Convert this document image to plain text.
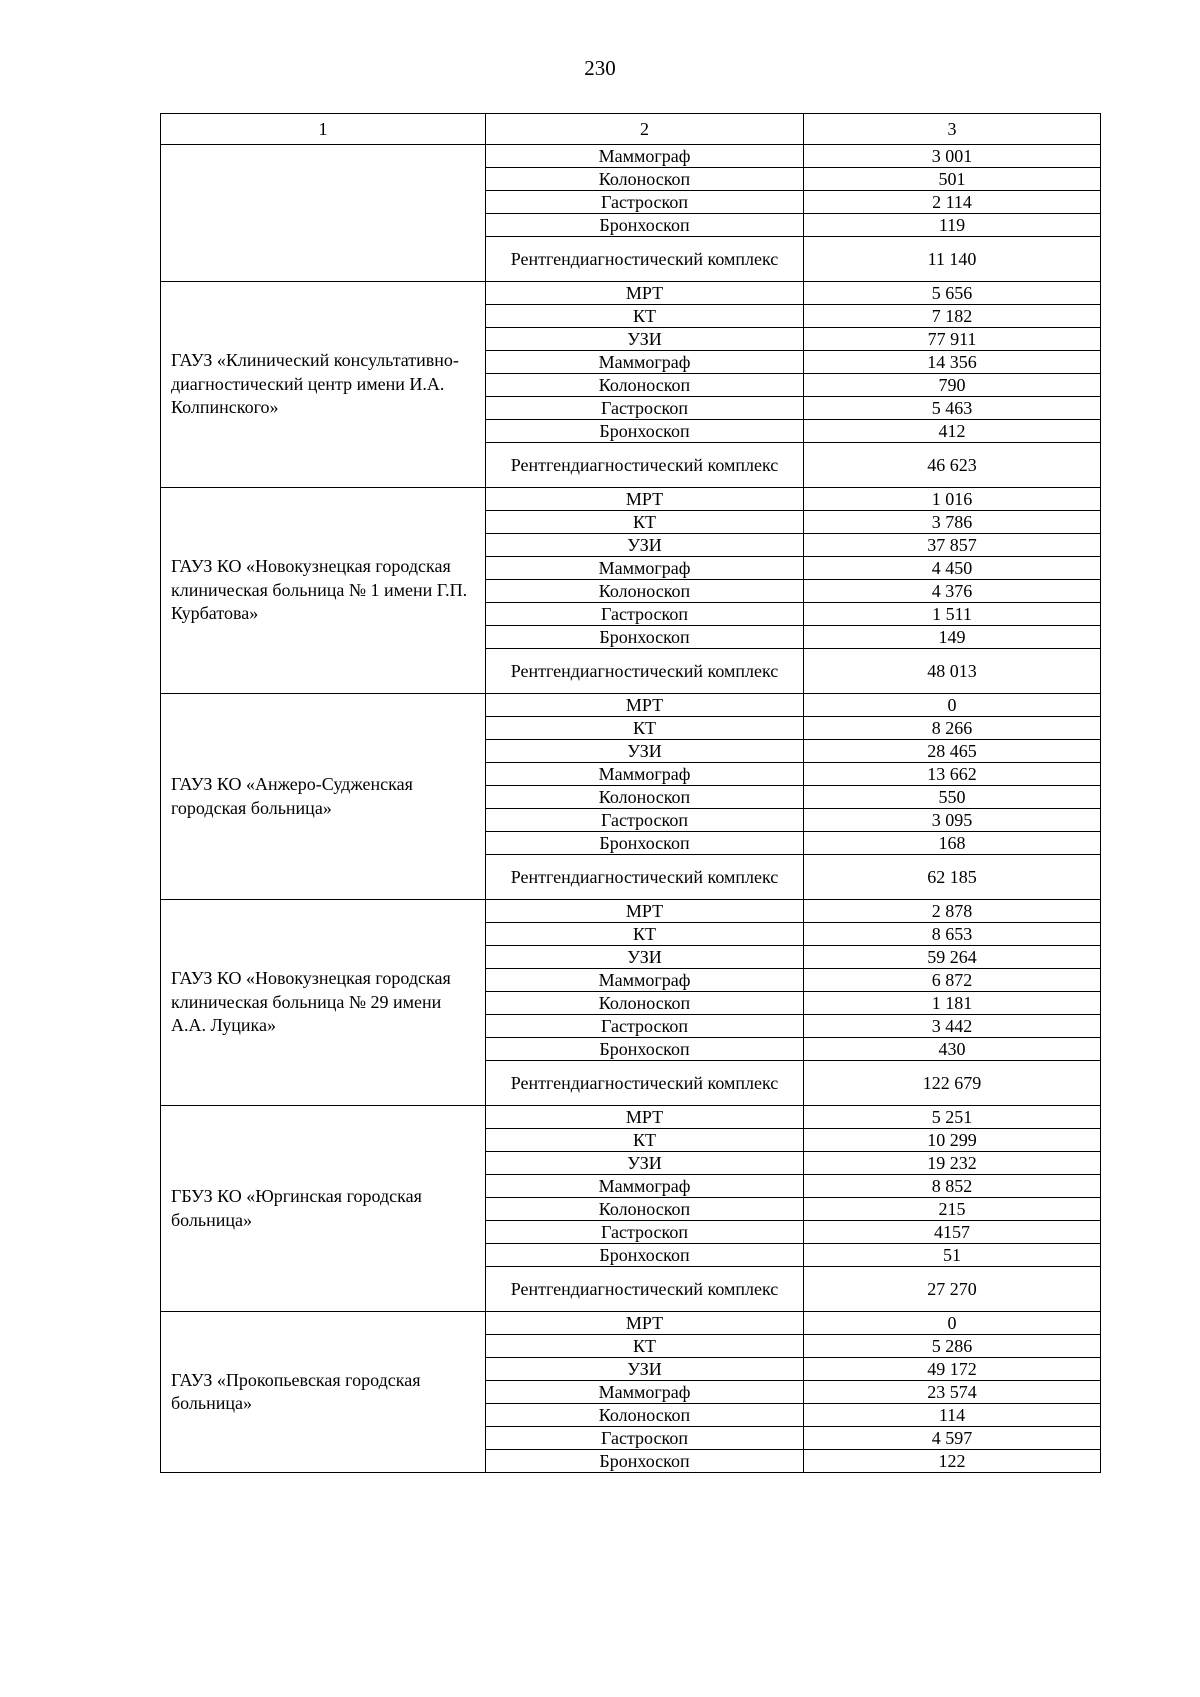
230
1	2	3
	Маммограф	3 001
	Колоноскоп	501
	Гастроскоп	2 114
	Бронхоскоп	119
	Рентгендиагностический комплекс	11 140
ГАУЗ «Клинический консультативно-диагностический центр имени И.А. Колпинского»	МРТ	5 656
	КТ	7 182
	УЗИ	77 911
	Маммограф	14 356
	Колоноскоп	790
	Гастроскоп	5 463
	Бронхоскоп	412
	Рентгендиагностический комплекс	46 623
ГАУЗ КО «Новокузнецкая городская клиническая больница № 1 имени Г.П. Курбатова»	МРТ	1 016
	КТ	3 786
	УЗИ	37 857
	Маммограф	4 450
	Колоноскоп	4 376
	Гастроскоп	1 511
	Бронхоскоп	149
	Рентгендиагностический комплекс	48 013
ГАУЗ КО «Анжеро-Судженская городская больница»	МРТ	0
	КТ	8 266
	УЗИ	28 465
	Маммограф	13 662
	Колоноскоп	550
	Гастроскоп	3 095
	Бронхоскоп	168
	Рентгендиагностический комплекс	62 185
ГАУЗ КО «Новокузнецкая городская клиническая больница № 29 имени А.А. Луцика»	МРТ	2 878
	КТ	8 653
	УЗИ	59 264
	Маммограф	6 872
	Колоноскоп	1 181
	Гастроскоп	3 442
	Бронхоскоп	430
	Рентгендиагностический комплекс	122 679
ГБУЗ КО «Юргинская городская больница»	МРТ	5 251
	КТ	10 299
	УЗИ	19 232
	Маммограф	8 852
	Колоноскоп	215
	Гастроскоп	4157
	Бронхоскоп	51
	Рентгендиагностический комплекс	27 270
ГАУЗ «Прокопьевская городская больница»	МРТ	0
	КТ	5 286
	УЗИ	49 172
	Маммограф	23 574
	Колоноскоп	114
	Гастроскоп	4 597
	Бронхоскоп	122
